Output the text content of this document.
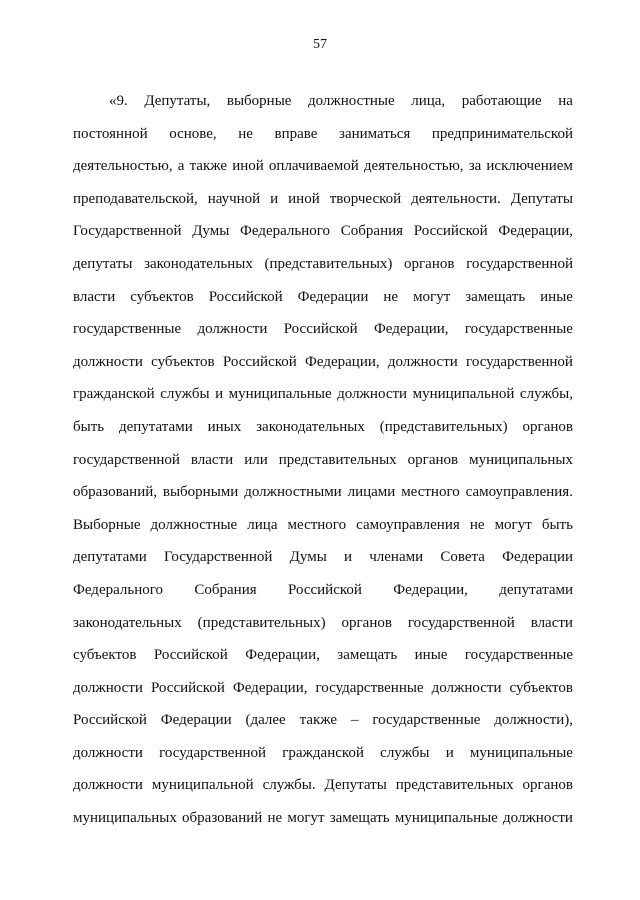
57
«9. Депутаты, выборные должностные лица, работающие на
постоянной основе, не вправе заниматься предпринимательской
деятельностью, а также иной оплачиваемой деятельностью, за исключением
преподавательской, научной и иной творческой деятельности. Депутаты
Государственной Думы Федерального Собрания Российской Федерации,
депутаты законодательных (представительных) органов государственной
власти субъектов Российской Федерации не могут замещать иные
государственные должности Российской Федерации, государственные
должности субъектов Российской Федерации, должности государственной
гражданской службы и муниципальные должности муниципальной службы,
быть депутатами иных законодательных (представительных) органов
государственной власти или представительных органов муниципальных
образований, выборными должностными лицами местного самоуправления.
Выборные должностные лица местного самоуправления не могут быть
депутатами Государственной Думы и членами Совета Федерации
Федерального Собрания Российской Федерации, депутатами
законодательных (представительных) органов государственной власти
субъектов Российской Федерации, замещать иные государственные
должности Российской Федерации, государственные должности субъектов
Российской Федерации (далее также – государственные должности),
должности государственной гражданской службы и муниципальные
должности муниципальной службы. Депутаты представительных органов
муниципальных образований не могут замещать муниципальные должности
